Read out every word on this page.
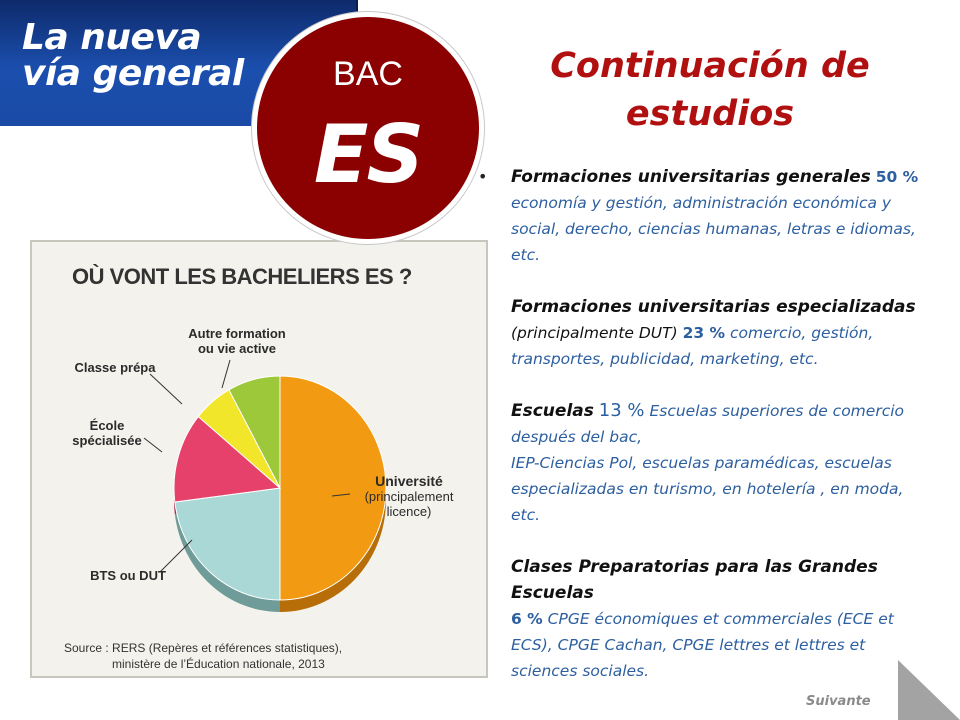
La nueva
vía general	Continuación de
estudios
OÙ VONT LES BACHELIERS ES ?
Université
(principalement
licence)
BTS ou DUT
École
spécialisée
Classe prépa
Autre formation
ou vie active
Source : RERS (Repères et références statistiques),
ministère de l’Éducation nationale, 2013
BAC
ES	•	Formaciones universitarias generales 50 % economía y gestión, administración económica y social, derecho, ciencias humanas, letras e idiomas, etc.
Formaciones universitarias especializadas (principalmente DUT) 23 % comercio, gestión, transportes, publicidad, marketing, etc.
Escuelas 13 % Escuelas superiores de comercio después del bac,
IEP-Ciencias Pol, escuelas paramédicas, escuelas especializadas en turismo, en hotelería , en moda, etc.
Clases Preparatorias para las Grandes Escuelas
6 % CPGE économiques et commerciales (ECE et ECS), CPGE Cachan, CPGE lettres et lettres et sciences sociales.
Suivante
